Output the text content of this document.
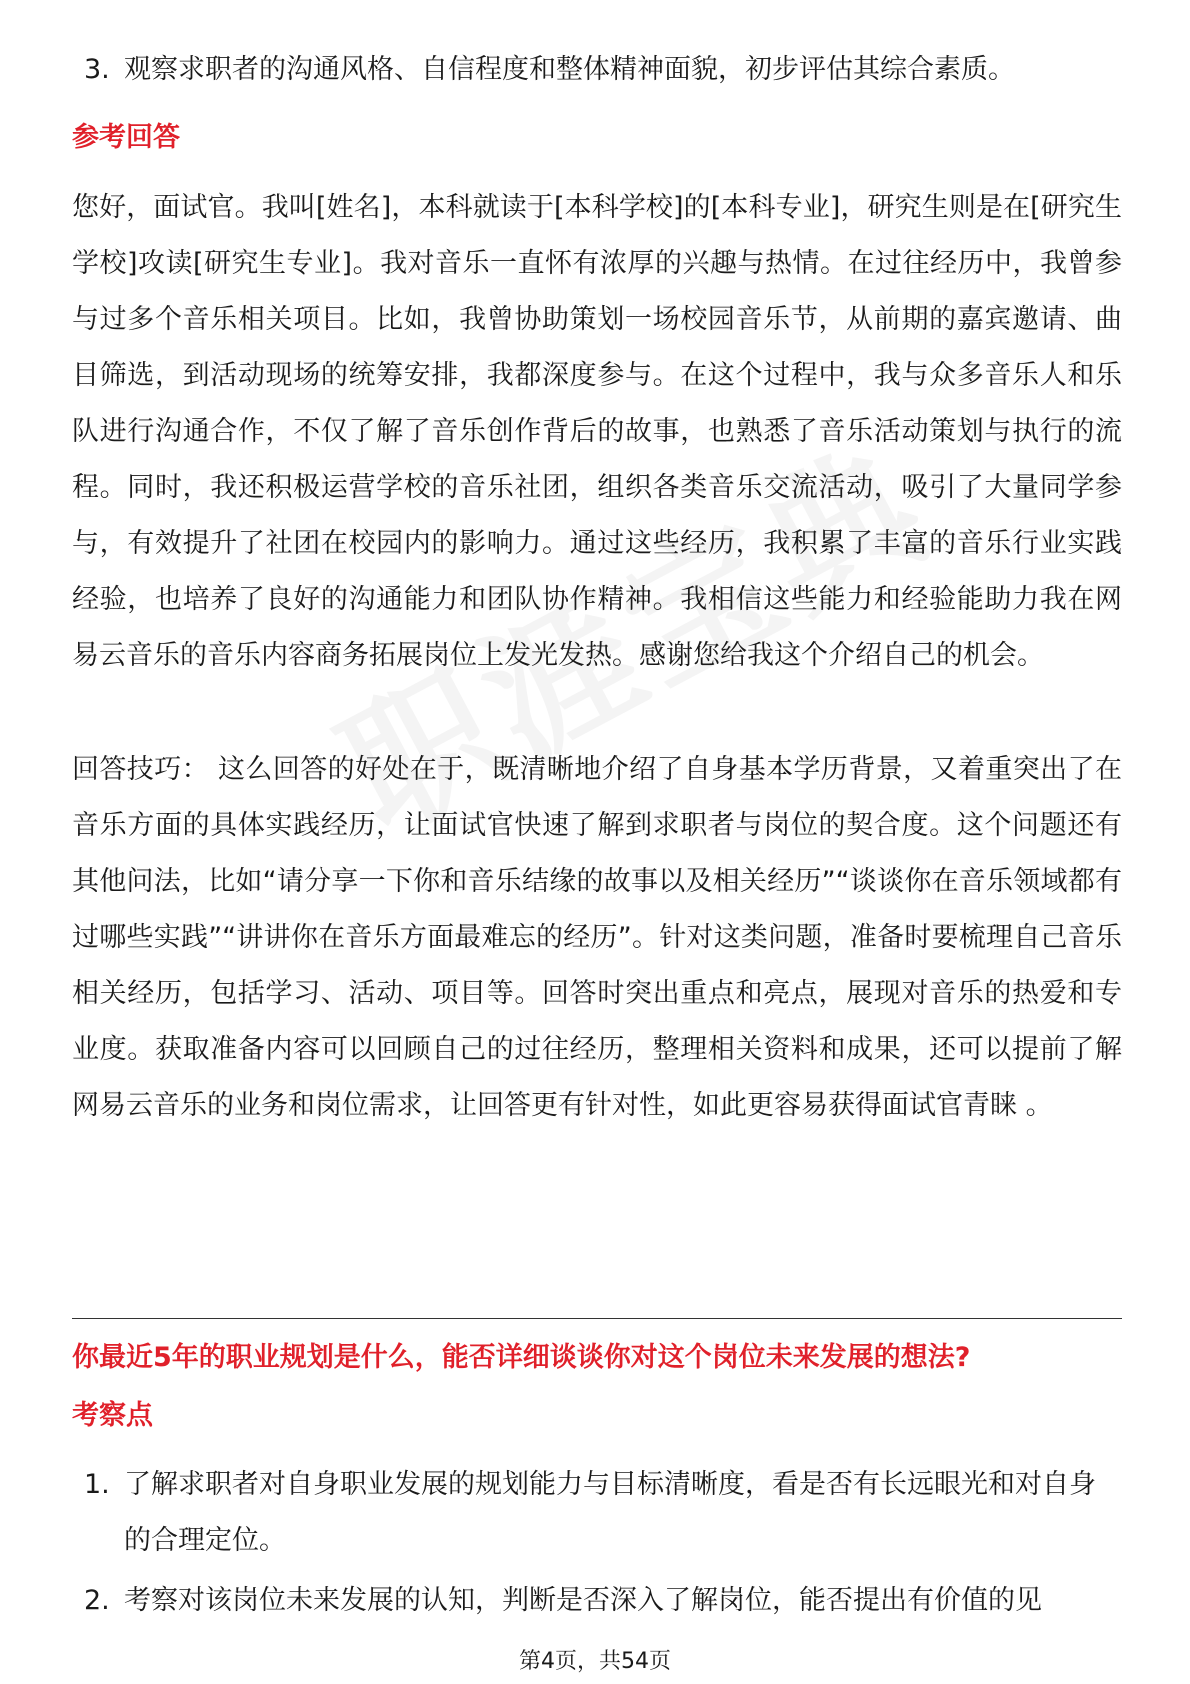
3. 观察求职者的沟通风格、自信程度和整体精神面貌，初步评估其综合素质。
参考回答
您好，面试官。我叫[姓名]，本科就读于[本科学校]的[本科专业]，研究生则是在[研究生学校]攻读[研究生专业]。我对音乐一直怀有浓厚的兴趣与热情。在过往经历中，我曾参与过多个音乐相关项目。比如，我曾协助策划一场校园音乐节，从前期的嘉宾邀请、曲目筛选，到活动现场的统筹安排，我都深度参与。在这个过程中，我与众多音乐人和乐队进行沟通合作，不仅了解了音乐创作背后的故事，也熟悉了音乐活动策划与执行的流程。同时，我还积极运营学校的音乐社团，组织各类音乐交流活动，吸引了大量同学参与，有效提升了社团在校园内的影响力。通过这些经历，我积累了丰富的音乐行业实践经验，也培养了良好的沟通能力和团队协作精神。我相信这些能力和经验能助力我在网易云音乐的音乐内容商务拓展岗位上发光发热。感谢您给我这个介绍自己的机会。
回答技巧： 这么回答的好处在于，既清晰地介绍了自身基本学历背景，又着重突出了在音乐方面的具体实践经历，让面试官快速了解到求职者与岗位的契合度。这个问题还有其他问法，比如“请分享一下你和音乐结缘的故事以及相关经历”“谈谈你在音乐领域都有过哪些实践”“讲讲你在音乐方面最难忘的经历”。针对这类问题，准备时要梳理自己音乐相关经历，包括学习、活动、项目等。回答时突出重点和亮点，展现对音乐的热爱和专业度。获取准备内容可以回顾自己的过往经历，整理相关资料和成果，还可以提前了解网易云音乐的业务和岗位需求，让回答更有针对性，如此更容易获得面试官青睐 。
你最近5年的职业规划是什么，能否详细谈谈你对这个岗位未来发展的想法?
考察点
1. 了解求职者对自身职业发展的规划能力与目标清晰度，看是否有长远眼光和对自身的合理定位。
2. 考察对该岗位未来发展的认知，判断是否深入了解岗位，能否提出有价值的见
第4页，共54页
